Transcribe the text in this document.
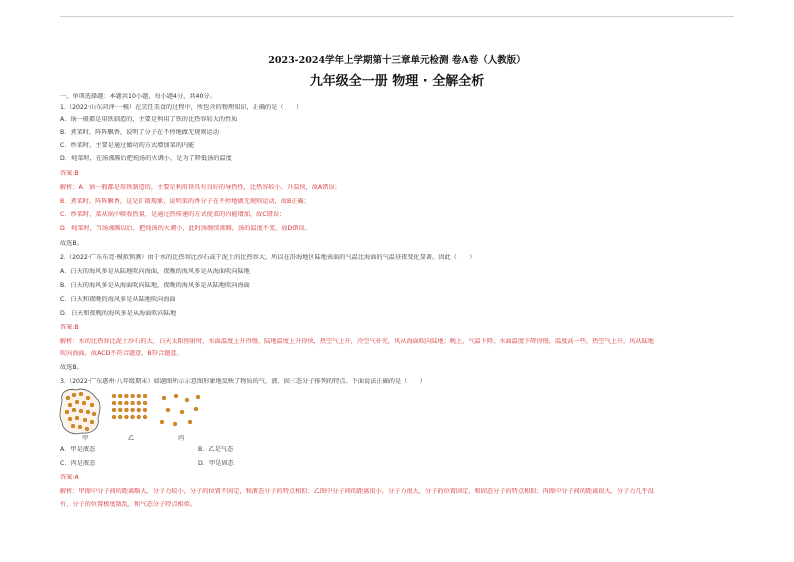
2023-2024学年上学期第十三章单元检测 卷A卷（人教版）
九年级全一册 物理 · 全解全析
一、单项选择题：本题共10小题，每小题4分，共40分。
1.（2022·山东菏泽·一模）在烹饪美食的过程中，所包含的物理知识，正确的是（　　）
A．锅一般都是用铁制造的，主要是利用了铁的比热容较大的性质
B．煮菜时，阵阵飘香，说明了分子在不停地做无规则运动
C．炒菜时，主要是通过做功的方式增加菜的内能
D．炖菜时，在汤沸腾后把炖汤的火调小，是为了降低汤的温度
答案:B
解析：A．锅一般都是用铁制造的，主要是利用铁具有良好的导热性，比热容较小，升温快，故A错误；
B．煮菜时，阵阵飘香，这是扩散现象，说明菜的香分子在不停地做无规则运动，故B正确；
C．炒菜时，菜从锅中吸收热量，是通过热传递的方式使菜的内能增加，故C错误；
D．炖菜时，当汤沸腾以后，把炖汤的火调小，此时汤继续沸腾，汤的温度不变，故D错误。
故选B。
2.（2022·广东东莞·模拟预测）由于水的比热容比沙石或干泥土的比热容大，所以在沿海地区陆地表面的气温比海面的气温昼夜变化显著。因此（　　）
A．白天的海风多是从陆地吹向海面，夜晚的海风多是从海面吹向陆地
B．白天的海风多是从海面吹向陆地，夜晚的海风多是从陆地吹向海面
C．白天和夜晚的海风多是从陆地吹向海面
D．白天和夜晚的海风多是从海面吹向陆地
答案:B
解析：水的比热容比泥土沙石的大，白天太阳照射时，水面温度上升得慢，陆地温度上升得快，热空气上升，冷空气补充，风从海面吹向陆地；晚上，气温下降，水面温度下降得慢，温度高一些，热空气上升，风从陆地
吹向海面，故ACD不符合题意，B符合题意。
故选B。
3.（2022·广东惠州·八年级期末）如题图所示示意图形象地反映了物质的气、液、固三态分子排列的特点。下面说法正确的是（　　）
甲	乙	丙
A．甲是液态	B．乙是气态
C．丙是液态	D．甲是固态
答案:A
解析：甲图中分子间的距离略大，分子力较小，分子的位置不固定，和液态分子的特点相似；乙图中分子间的距离很小，分子力很大，分子的位置固定，和固态分子的特点相似；丙图中分子间的距离很大，分子力几乎没
有，分子的位置极度散乱，和气态分子特点相似。
